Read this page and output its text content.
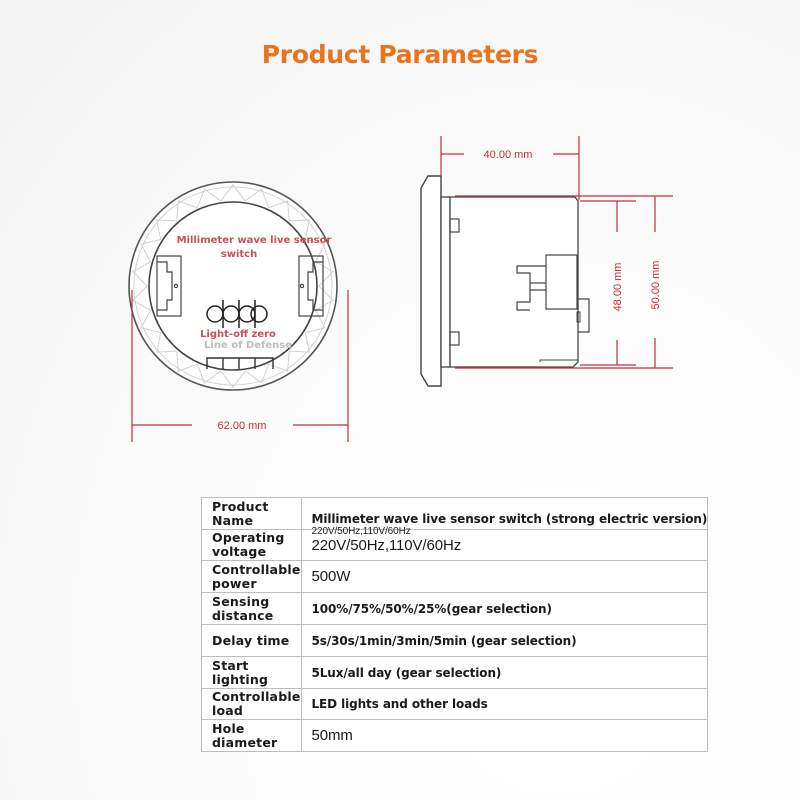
Product Parameters
Millimeter wave live sensor
switch
Light-off zero
Line of Defense
62.00 mm
40.00 mm
48.00 mm 50.00 mm
Product Name	Millimeter wave live sensor switch (strong electric version)

Operating voltage	220V/50Hz,110V/60Hz
220V/50Hz,110V/60Hz
Controllable power	500W
Sensing distance	100%/75%/50%/25%(gear selection)
Delay time	5s/30s/1min/3min/5min (gear selection)
Start lighting	5Lux/all day (gear selection)
Controllable load	LED lights and other loads
Hole diameter	50mm
